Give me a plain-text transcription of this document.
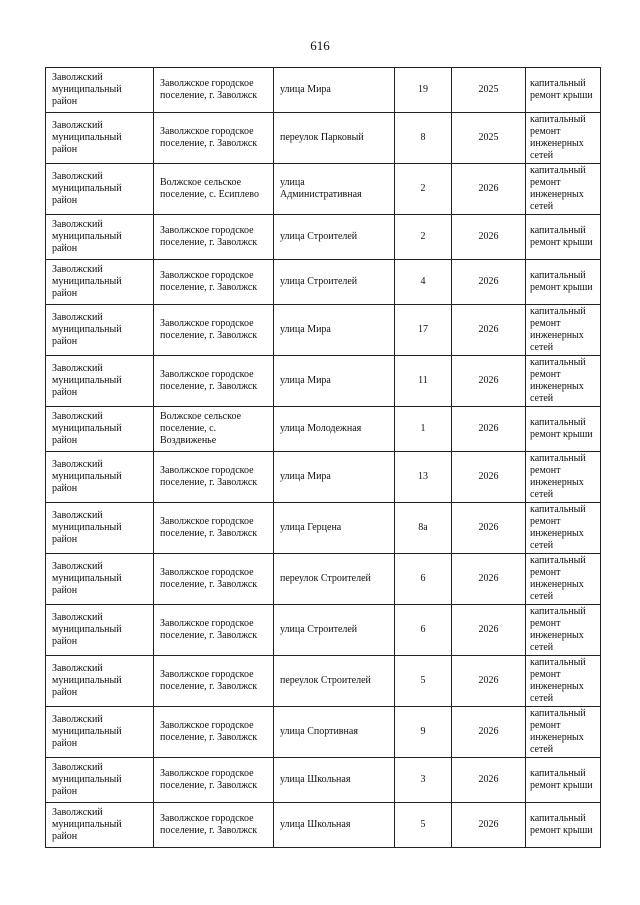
616
Заволжский муниципальный район	Заволжское городское поселение, г. Заволжск	улица Мира	19	2025	капитальный ремонт крыши
Заволжский муниципальный район	Заволжское городское поселение, г. Заволжск	переулок Парковый	8	2025	капитальный ремонт инженерных сетей
Заволжский муниципальный район	Волжское сельское поселение, с. Есиплево	улица Административная	2	2026	капитальный ремонт инженерных сетей
Заволжский муниципальный район	Заволжское городское поселение, г. Заволжск	улица Строителей	2	2026	капитальный ремонт крыши
Заволжский муниципальный район	Заволжское городское поселение, г. Заволжск	улица Строителей	4	2026	капитальный ремонт крыши
Заволжский муниципальный район	Заволжское городское поселение, г. Заволжск	улица Мира	17	2026	капитальный ремонт инженерных сетей
Заволжский муниципальный район	Заволжское городское поселение, г. Заволжск	улица Мира	11	2026	капитальный ремонт инженерных сетей
Заволжский муниципальный район	Волжское сельское поселение, с. Воздвиженье	улица Молодежная	1	2026	капитальный ремонт крыши
Заволжский муниципальный район	Заволжское городское поселение, г. Заволжск	улица Мира	13	2026	капитальный ремонт инженерных сетей
Заволжский муниципальный район	Заволжское городское поселение, г. Заволжск	улица Герцена	8а	2026	капитальный ремонт инженерных сетей
Заволжский муниципальный район	Заволжское городское поселение, г. Заволжск	переулок Строителей	6	2026	капитальный ремонт инженерных сетей
Заволжский муниципальный район	Заволжское городское поселение, г. Заволжск	улица Строителей	6	2026	капитальный ремонт инженерных сетей
Заволжский муниципальный район	Заволжское городское поселение, г. Заволжск	переулок Строителей	5	2026	капитальный ремонт инженерных сетей
Заволжский муниципальный район	Заволжское городское поселение, г. Заволжск	улица Спортивная	9	2026	капитальный ремонт инженерных сетей
Заволжский муниципальный район	Заволжское городское поселение, г. Заволжск	улица Школьная	3	2026	капитальный ремонт крыши
Заволжский муниципальный район	Заволжское городское поселение, г. Заволжск	улица Школьная	5	2026	капитальный ремонт крыши
